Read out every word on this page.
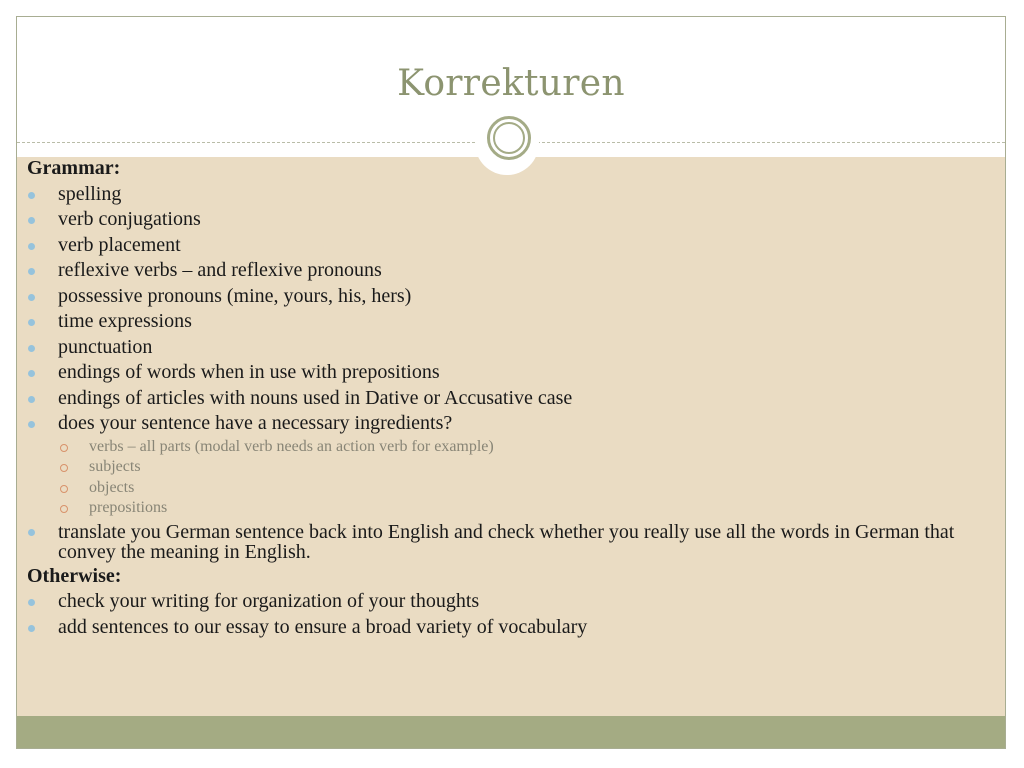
Korrekturen

Grammar:

spelling
verb conjugations
verb placement
reflexive verbs – and reflexive pronouns
possessive pronouns (mine, yours, his, hers)
time expressions
punctuation
endings of words when in use with prepositions
endings of articles with nouns used in Dative or Accusative case
does your sentence have a necessary ingredients?
verbs – all parts (modal verb needs an action verb for example)
subjects
objects
prepositions
translate you German sentence back into English and check whether you really use all the words in German that convey the meaning in English.

Otherwise:

check your writing for organization of your thoughts
add sentences to our essay to ensure a broad variety of vocabulary
